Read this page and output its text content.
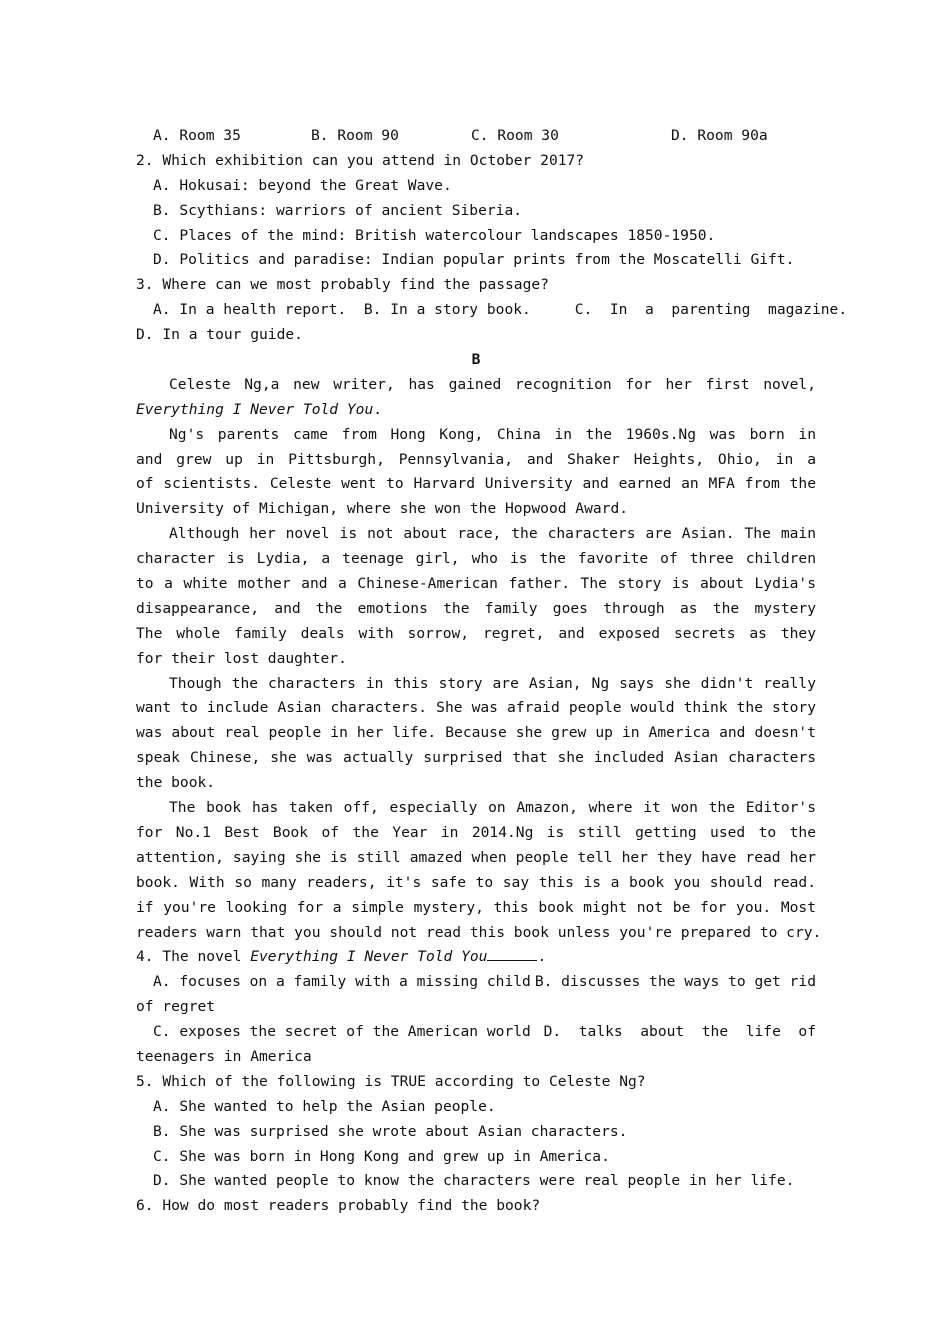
A. Room 35	B. Room 90	C. Room 30	D. Room 90a
2. Which exhibition can you attend in October 2017?
A. Hokusai: beyond the Great Wave.
B. Scythians: warriors of ancient Siberia.
C. Places of the mind: British watercolour landscapes 1850-1950.
D. Politics and paradise: Indian popular prints from the Moscatelli Gift.
3. Where can we most probably find the passage?
A. In a health report.  B. In a story book.     C.  In  a  parenting  magazine.
D. In a tour guide.
B
Celeste Ng,a new writer, has gained recognition for her first novel,
Everything I Never Told You.
Ng's parents came from Hong Kong, China in the 1960s.Ng was born in
and grew up in Pittsburgh, Pennsylvania, and Shaker Heights, Ohio, in a
of scientists. Celeste went to Harvard University and earned an MFA from the
University of Michigan, where she won the Hopwood Award.
Although her novel is not about race, the characters are Asian. The main
character is Lydia, a teenage girl, who is the favorite of three children
to a white mother and a Chinese-American father. The story is about Lydia's
disappearance, and the emotions the family goes through as the mystery
The whole family deals with sorrow, regret, and exposed secrets as they
for their lost daughter.
Though the characters in this story are Asian, Ng says she didn't really
want to include Asian characters. She was afraid people would think the story
was about real people in her life. Because she grew up in America and doesn't
speak Chinese, she was actually surprised that she included Asian characters
the book.
The book has taken off, especially on Amazon, where it won the Editor's
for No.1 Best Book of the Year in 2014.Ng is still getting used to the
attention, saying she is still amazed when people tell her they have read her
book. With so many readers, it's safe to say this is a book you should read.
if you're looking for a simple mystery, this book might not be for you. Most
readers warn that you should not read this book unless you're prepared to cry.
4. The novel Everything I Never Told You	.
A. focuses on a family with a missing child B. discusses the ways to get rid
of regret
C. exposes the secret of the American world D.  talks  about  the  life  of
teenagers in America
5. Which of the following is TRUE according to Celeste Ng?
A. She wanted to help the Asian people.
B. She was surprised she wrote about Asian characters.
C. She was born in Hong Kong and grew up in America.
D. She wanted people to know the characters were real people in her life.
6. How do most readers probably find the book?
